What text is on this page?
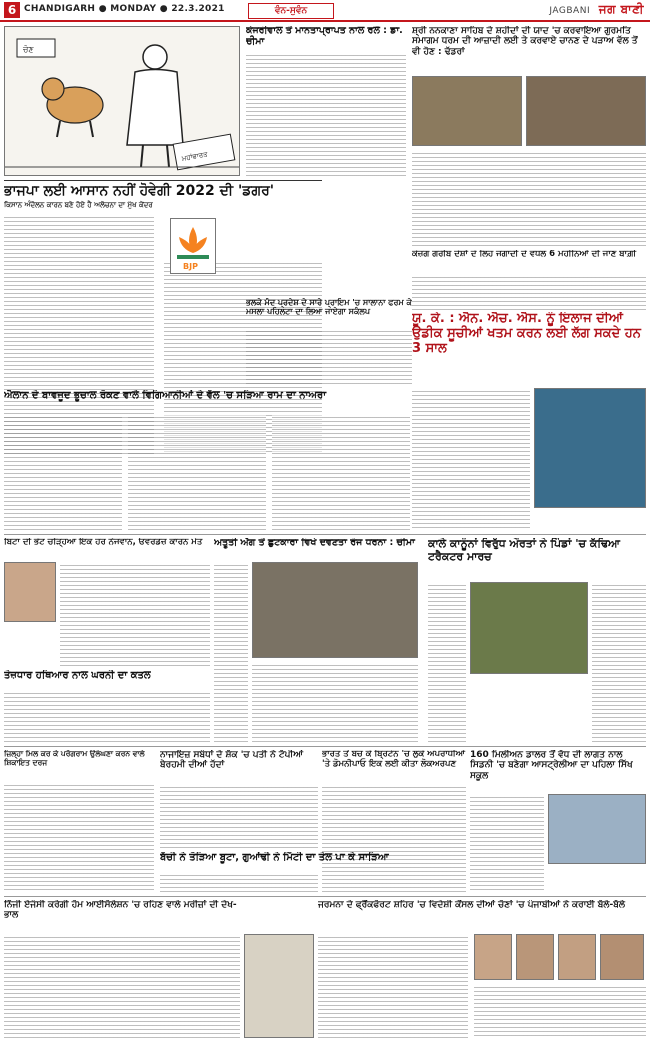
6 CHANDIGARH ● MONDAY ● 22.3.2021	ਵੰਨ-ਸੁਵੰਨ	JAGBANI ਜਗ ਬਾਣੀ
ਮਹਾਂਭਾਰਤ
ਚੋਣ
ਭਾਜਪਾ ਲਈ ਆਸਾਨ ਨਹੀਂ ਹੋਵੇਗੀ 2022 ਦੀ 'ਡਗਰ'
ਕਿਸਾਨ ਅੰਦੋਲਨ ਕਾਰਨ ਬਣੇ ਹੋਏ ਹੈ ਅਲੋਚਨਾ ਦਾ ਮੁੱਖ ਕੇਂਦਰ
BJP
ਕੇਜਰੀਵਾਲ ਤੋਂ ਮਾਨਤਾਪ੍ਰਾਪਤ ਨਾਲ ਰਲੋ : ਡਾ. ਚੀਮਾ
ਭਲਕੇ ਮੰਦ ਪ੍ਰਦੇਸ਼ ਦੇ ਸਾਰੇ ਪ੍ਰਾਇਮ 'ਚ ਸਾਲਾਨਾ ਫਰਮ ਕੇ ਮਸਲਾ ਪਹਿਲਟਾ ਦਾ ਲਿਆ ਜਾਏਗਾ ਸਕੰਲਪ
ਸ਼੍ਰੀ ਨਨਕਾਣਾ ਸਾਹਿਬ ਦੇ ਸ਼ਹੀਦਾਂ ਦੀ ਯਾਦ 'ਚ ਕਰਵਾਇਆ ਗੁਰਮਤਿ ਸਮਾਗਮ ਧਰਮ ਦੀ ਆਜ਼ਾਦੀ ਲਈ ਤੇ ਕਰਵਾਏ ਚਾਨਣ ਦੇ ਪੜਾਅ ਵੱਲ ਤੋਂ ਵੀ ਹੋਣ : ਢੱਡਰਾਂ
ਕੇਜ਼ਗ ਗਰੀਬ ਦੇਸ਼ਾਂ ਦੇ ਲਿਹ ਜਗਾਦੀ ਦੇ ਵਧਲ 6 ਮਹੀਨਿਆਂ ਦੀ ਜਾਣ ਬਾਗ਼ੀ
ਯੂ. ਕੇ. : ਐਨ. ਐਚ. ਐਸ. ਨੂੰ ਇਲਾਜ ਦੀਆਂ ਉਡੀਕ ਸੂਚੀਆਂ ਖਤਮ ਕਰਨ ਲਈ ਲੱਗ ਸਕਦੇ ਹਨ 3 ਸਾਲ
ਐਲਾਨ ਦੇ ਬਾਵਜੂਦ ਭੂਚਾਲ ਰੋਕਣ ਵਾਲੇ ਵਿਗਿਆਨੀਆਂ ਦੇ ਵੱਲ 'ਚ ਸੜਿਆ ਰਾਮ ਦਾ ਨਾਅਰਾ
ਬਿਟਾ ਦੀ ਭੇਟ ਚੜ੍ਹਿਆ ਇਕ ਹੋਰ ਨੌਜਵਾਨ, ਓਵਰਡੋਜ਼ ਕਾਰਨ ਮੌਤ	ਅਤੂਤੀ ਅੱਗ ਤੋਂ ਛੁਟਕਾਰਾ ਵਿਖੇ ਦਵਣਤਾ ਰੋਜ ਧਰਨਾ : ਚੀਮਾ	ਕਾਲੇ ਕਾਨੂੰਨਾਂ ਵਿਰੁੱਧ ਔਰਤਾਂ ਨੇ ਪਿੰਡਾਂ 'ਚ ਕੱਢਿਆ ਟਰੈਕਟਰ ਮਾਰਚ
ਤੇਜ਼ਧਾਰ ਹਥਿਆਰ ਨਾਲ ਘਰਨੀ ਦਾ ਕਤਲ
ਜ਼ਿਲ੍ਹਾ ਮਿਲ ਕਰ ਕੇ ਪਰੋਗਰਾਮ ਉਲੰਘਣਾ ਕਰਨ ਵਾਲੇ ਸ਼ਿਕਾਇਤ ਦਰਜ
ਨਾਜਾਇਜ਼ ਸਬੰਧਾਂ ਦੇ ਸ਼ੱਕ 'ਚ ਪਤੀ ਨੇ ਟੱਪੀਆਂ ਬੇਰਹਮੀ ਦੀਆਂ ਹੱਦਾਂ
ਭਾਰਤ ਤੋਂ ਬਚ ਕੇ ਬ੍ਰਿਟੇਨ 'ਚ ਲੁਕੇ ਅਪਰਾਧੀਆਂ 'ਤੇ ਡੋਮਨੀਪਾਓ ਇਕ ਲਈ ਕੀਤਾ ਲੋਕਅਰਪਣ
160 ਮਿਲੀਅਨ ਡਾਲਰ ਤੋਂ ਵੱਧ ਦੀ ਲਾਗਤ ਨਾਲ ਸਿਡਨੀ 'ਚ ਬਣੇਗਾ ਆਸਟ੍ਰੇਲੀਆ ਦਾ ਪਹਿਲਾ ਸਿੱਖ ਸਕੂਲ
ਬੱਚੀ ਨੇ ਤੋੜਿਆ ਬੂਟਾ, ਗੁਆਂਢੀ ਨੇ ਮਿੱਟੀ ਦਾ ਤੇਲ ਪਾ ਕੇ ਸਾੜਿਆ
ਨਿੱਜੀ ਏਜੰਸੀ ਕਰੇਗੀ ਹੋਮ ਆਈਸੋਲੇਸ਼ਨ 'ਚ ਰਹਿਣ ਵਾਲੇ ਮਰੀਜ਼ਾਂ ਦੀ ਦੇਖ-ਭਾਲ
ਜਰਮਨਾ ਦੇ ਫ੍ਰੈਂਕਫੋਰਟ ਸ਼ਹਿਰ 'ਚ ਵਿਦੇਸ਼ੀ ਕੌਂਸਲ ਦੀਆਂ ਚੋਣਾਂ 'ਚ ਪੰਜਾਬੀਆਂ ਨੇ ਕਰਾਈ ਬੱਲੇ-ਬੱਲੇ
